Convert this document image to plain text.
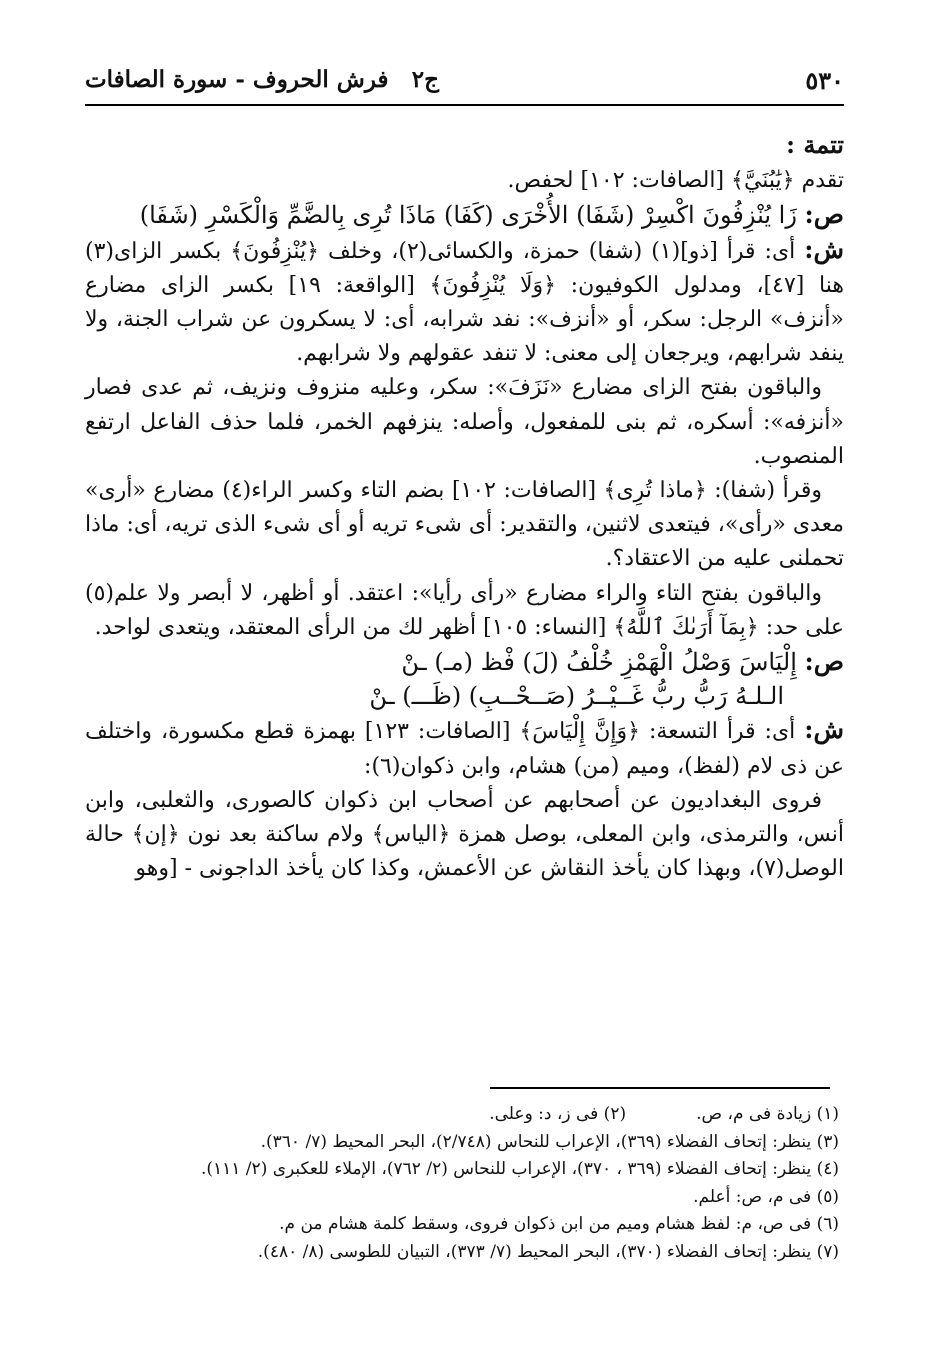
٥٣٠
ج٢
فرش الحروف - سورة الصافات

تتمة :

تقدم ﴿يَٰبُنَيَّ﴾ [الصافات: ١٠٢] لحفص.

ص: زَا يُنْزِفُونَ اكْسِرْ (شَفَا) الأُخْرَى (كَفَا) مَاذَا تُرِى بِالضَّمِّ وَالْكَسْرِ (شَفَا)

ش: أى: قرأ [ذو](١) (شفا) حمزة، والكسائى(٢)، وخلف ﴿يُنْزِفُونَ﴾ بكسر الزاى(٣) هنا [٤٧]، ومدلول الكوفيون: ﴿وَلَا يُنْزِفُونَ﴾ [الواقعة: ١٩] بكسر الزاى مضارع «أنزف» الرجل: سكر، أو «أنزف»: نفد شرابه، أى: لا يسكرون عن شراب الجنة، ولا ينفد شرابهم، ويرجعان إلى معنى: لا تنفد عقولهم ولا شرابهم.

والباقون بفتح الزاى مضارع «نَزَفَ»: سكر، وعليه منزوف ونزيف، ثم عدى فصار «أنزفه»: أسكره، ثم بنى للمفعول، وأصله: ينزفهم الخمر، فلما حذف الفاعل ارتفع المنصوب.

وقرأ (شفا): ﴿ماذا تُرِى﴾ [الصافات: ١٠٢] بضم التاء وكسر الراء(٤) مضارع «أرى» معدى «رأى»، فيتعدى لاثنين، والتقدير: أى شىء تريه أو أى شىء الذى تريه، أى: ماذا تحملنى عليه من الاعتقاد؟.

والباقون بفتح التاء والراء مضارع «رأى رأيا»: اعتقد. أو أظهر، لا أبصر ولا علم(٥) على حد: ﴿بِمَآ أَرَىٰكَ ٱللَّهُ﴾ [النساء: ١٠٥] أظهر لك من الرأى المعتقد، ويتعدى لواحد.

ص: إِلْيَاسَ وَصْلُ الْهَمْزِ خُلْفُ (لَ) فْظ (مـ) ـنْ

الـلـهُ رَبُّ ربُّ غَــيْــرُ (صَــحْــبِ) (ظَـــ) ـنْ

ش: أى: قرأ التسعة: ﴿وَإِنَّ إِلْيَاسَ﴾ [الصافات: ١٢٣] بهمزة قطع مكسورة، واختلف عن ذى لام (لفظ)، وميم (من) هشام، وابن ذكوان(٦):

فروى البغداديون عن أصحابهم عن أصحاب ابن ذكوان كالصورى، والثعلبى، وابن أنس، والترمذى، وابن المعلى، بوصل همزة ﴿الياس﴾ ولام ساكنة بعد نون ﴿إن﴾ حالة الوصل(٧)، وبهذا كان يأخذ النقاش عن الأعمش، وكذا كان يأخذ الداجونى - [وهو

(١) زيادة فى م، ص.(٢) فى ز، د: وعلى.

(٣) ينظر: إتحاف الفضلاء (٣٦٩)، الإعراب للنحاس (٢/٧٤٨)، البحر المحيط (٧/ ٣٦٠).

(٤) ينظر: إتحاف الفضلاء (٣٦٩ ، ٣٧٠)، الإعراب للنحاس (٢/ ٧٦٢)، الإملاء للعكبرى (٢/ ١١١).

(٥) فى م، ص: أعلم.

(٦) فى ص، م: لفظ هشام وميم من ابن ذكوان فروى، وسقط كلمة هشام من م.

(٧) ينظر: إتحاف الفضلاء (٣٧٠)، البحر المحيط (٧/ ٣٧٣)، التبيان للطوسى (٨/ ٤٨٠).
